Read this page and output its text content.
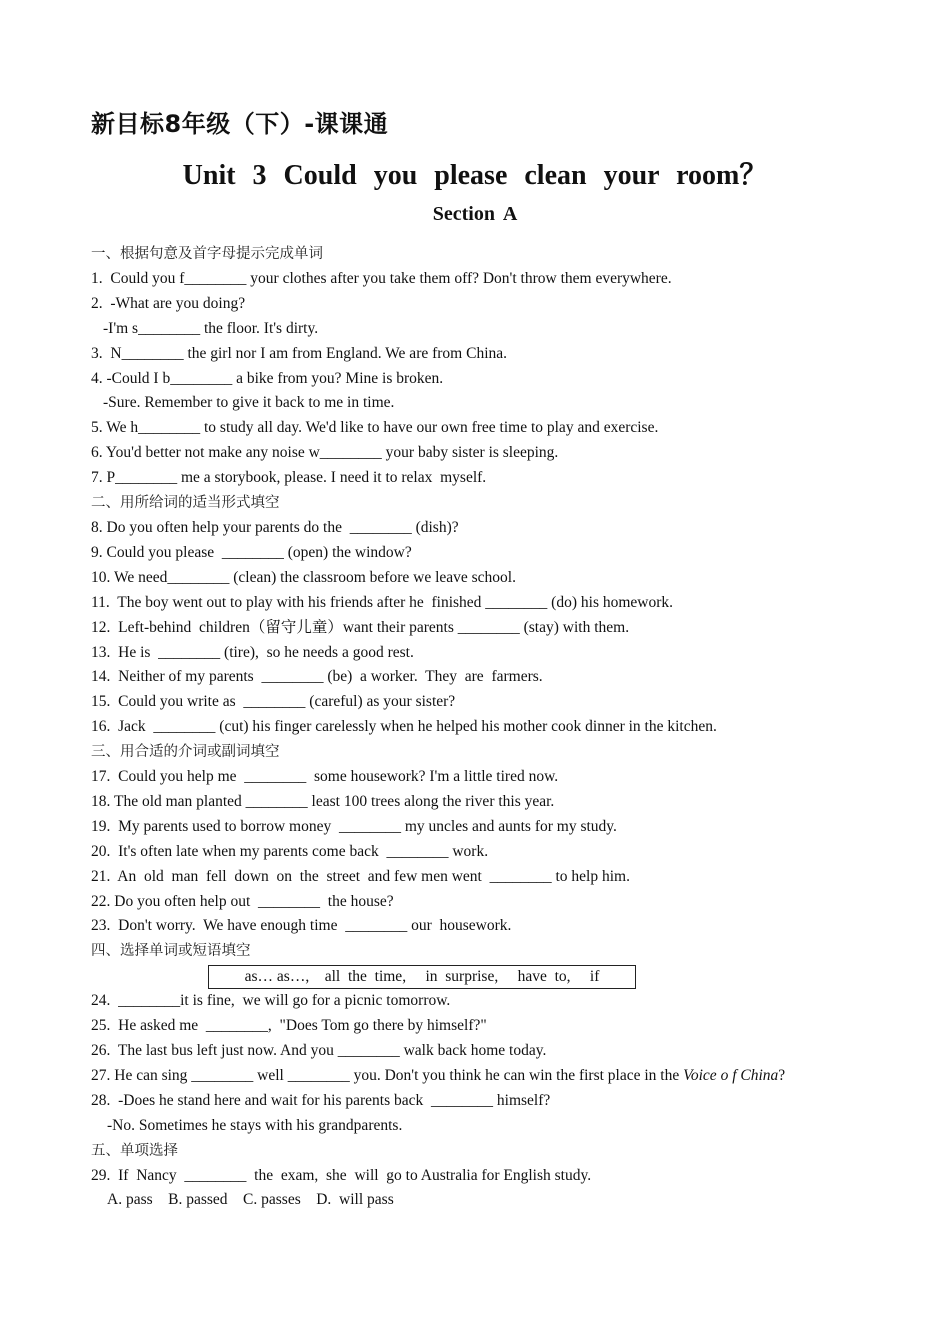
新目标8年级（下）-课课通
Unit 3 Could you please clean your room？
Section A
一、根据句意及首字母提示完成单词
1.  Could you f________ your clothes after you take them off? Don't throw them everywhere.
2.  -What are you doing?
-I'm s________ the floor. It's dirty.
3.  N________ the girl nor I am from England. We are from China.
4. -Could I b________ a bike from you? Mine is broken.
-Sure. Remember to give it back to me in time.
5. We h________ to study all day. We'd like to have our own free time to play and exercise.
6. You'd better not make any noise w________ your baby sister is sleeping.
7. P________ me a storybook, please. I need it to relax  myself.
二、用所给词的适当形式填空
8. Do you often help your parents do the  ________ (dish)?
9. Could you please  ________ (open) the window?
10. We need________ (clean) the classroom before we leave school.
11.  The boy went out to play with his friends after he  finished ________ (do) his homework.
12.  Left-behind  children（留守儿童）want their parents ________ (stay) with them.
13.  He is  ________ (tire),  so he needs a good rest.
14.  Neither of my parents  ________ (be)  a worker.  They  are  farmers.
15.  Could you write as  ________ (careful) as your sister?
16.  Jack  ________ (cut) his finger carelessly when he helped his mother cook dinner in the kitchen.
三、用合适的介词或副词填空
17.  Could you help me  ________  some housework? I'm a little tired now.
18. The old man planted ________ least 100 trees along the river this year.
19.  My parents used to borrow money  ________ my uncles and aunts for my study.
20.  It's often late when my parents come back  ________ work.
21.  An  old  man  fell  down  on  the  street  and few men went  ________ to help him.
22. Do you often help out  ________  the house?
23.  Don't worry.  We have enough time  ________ our  housework.
四、选择单词或短语填空
as… as…,    all  the  time,     in  surprise,     have  to,     if
24.  ________it is fine,  we will go for a picnic tomorrow.
25.  He asked me  ________,  "Does Tom go there by himself?"
26.  The last bus left just now. And you ________ walk back home today.
27. He can sing ________ well ________ you. Don't you think he can win the first place in the Voice o f China?
28.  -Does he stand here and wait for his parents back  ________ himself?
-No. Sometimes he stays with his grandparents.
五、单项选择
29.  If  Nancy  ________  the  exam,  she  will  go to Australia for English study.
A. pass    B. passed    C. passes    D.  will pass
